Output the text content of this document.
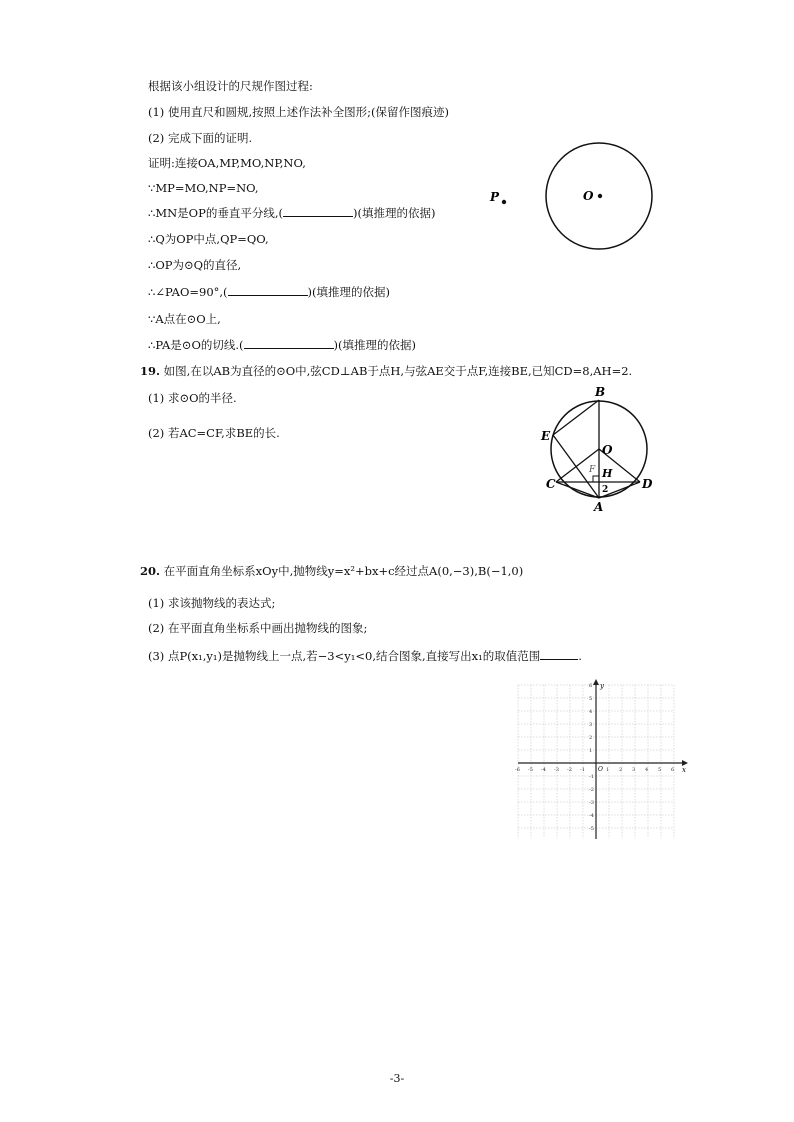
根据该小组设计的尺规作图过程:
(1) 使用直尺和圆规,按照上述作法补全图形;(保留作图痕迹)
(2) 完成下面的证明.
证明:连接OA,MP,MO,NP,NO,
∵MP=MO,NP=NO,
∴MN是OP的垂直平分线,(	)(填推理的依据)
∴Q为OP中点,QP=QO,
∴OP为⊙Q的直径,
∴∠PAO=90°,(	)(填推理的依据)
∵A点在⊙O上,
∴PA是⊙O的切线.(	)(填推理的依据)
O
P
19. 如图,在以AB为直径的⊙O中,弦CD⊥AB于点H,与弦AE交于点F,连接BE,已知CD=8,AH=2.
(1) 求⊙O的半径.
(2) 若AC=CF,求BE的长.
B
E
O
H
F
C	D
A
2
20. 在平面直角坐标系xOy中,抛物线y=x²+bx+c经过点A(0,−3),B(−1,0)
(1) 求该抛物线的表达式;
(2) 在平面直角坐标系中画出抛物线的图象;
(3) 点P(x₁,y₁)是抛物线上一点,若−3<y₁<0,结合图象,直接写出x₁的取值范围	.
-6 -5 -4 -3 -2 -1	1 2 3 4 5 6
6
5
4
3
2
1
-1
-2
-3
-4
-5
y
x
O
-3-
